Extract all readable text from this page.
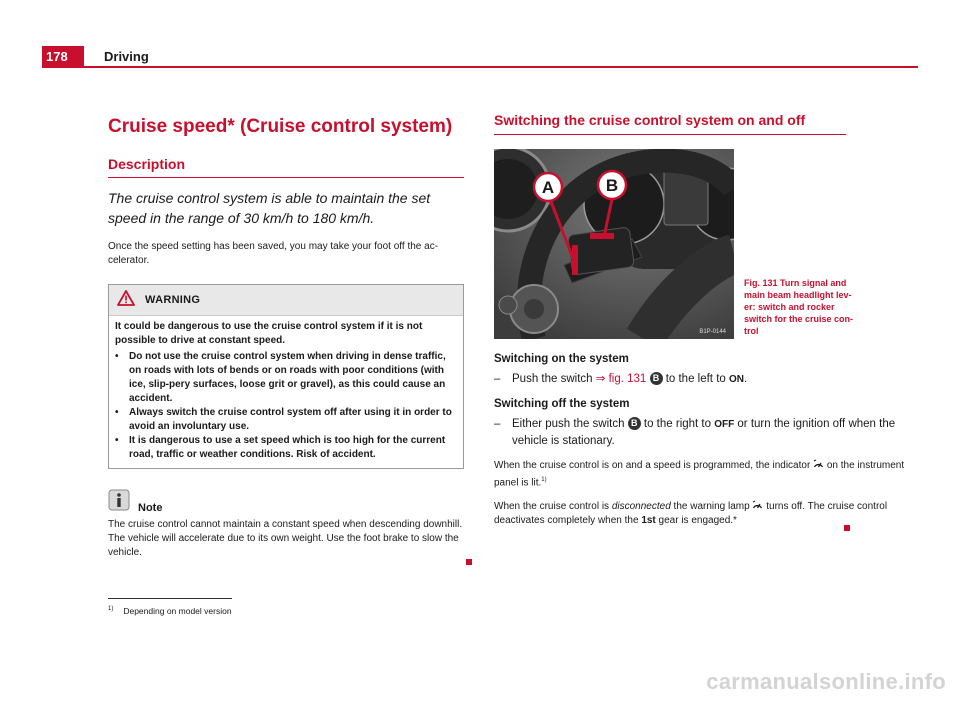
178	Driving
Cruise speed* (Cruise control system)
Description

The cruise control system is able to maintain the set speed in the range of 30 km/h to 180 km/h.

Once the speed setting has been saved, you may take your foot off the ac-celerator.

WARNING

It could be dangerous to use the cruise control system if it is not possible to drive at constant speed.

•	Do not use the cruise control system when driving in dense traffic, on roads with lots of bends or on roads with poor conditions (with ice, slip-pery surfaces, loose grit or gravel), as this could cause an accident.
•	Always switch the cruise control system off after using it in order to avoid an involuntary use.
•	It is dangerous to use a set speed which is too high for the current road, traffic or weather conditions. Risk of accident.
Note
The cruise control cannot maintain a constant speed when descending downhill. The vehicle will accelerate due to its own weight. Use the foot brake to slow the vehicle.
Switching the cruise control system on and off
A	B
B1P-0144
Fig. 131 Turn signal and main beam headlight lev-er: switch and rocker switch for the cruise con-trol
Switching on the system
–	Push the switch ⇒ fig. 131 B to the left to ON.
Switching off the system
–	Either push the switch B to the right to OFF or turn the ignition off when the vehicle is stationary.

When the cruise control is on and a speed is programmed, the indicator  on the instrument panel is lit.$^{1)}$

When the cruise control is disconnected the warning lamp  turns off. The cruise control deactivates completely when the 1st gear is engaged.*

$^{1)}$ Depending on model version
carmanualsonline.info
